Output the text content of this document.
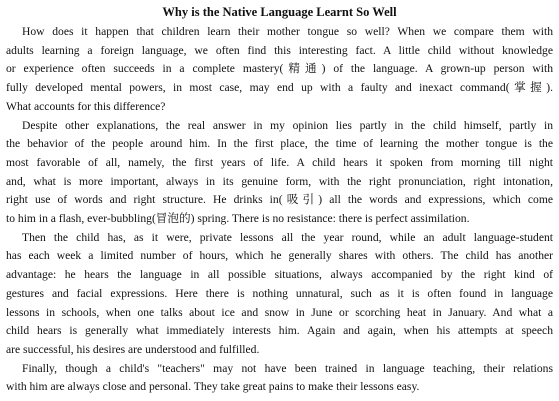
Why is the Native Language Learnt So Well
How does it happen that children learn their mother tongue so well? When we compare them with
adults learning a foreign language, we often find this interesting fact. A little child without knowledge
or experience often succeeds in a complete mastery(精通) of the language. A grown-up person with
fully developed mental powers, in most case, may end up with a faulty and inexact command(掌握).
What accounts for this difference?
Despite other explanations, the real answer in my opinion lies partly in the child himself, partly in
the behavior of the people around him. In the first place, the time of learning the mother tongue is the
most favorable of all, namely, the first years of life. A child hears it spoken from morning till night
and, what is more important, always in its genuine form, with the right pronunciation, right intonation,
right use of words and right structure. He drinks in(吸引) all the words and expressions, which come
to him in a flash, ever-bubbling(冒泡的) spring. There is no resistance: there is perfect assimilation.
Then the child has, as it were, private lessons all the year round, while an adult language-student
has each week a limited number of hours, which he generally shares with others. The child has another
advantage: he hears the language in all possible situations, always accompanied by the right kind of
gestures and facial expressions. Here there is nothing unnatural, such as it is often found in language
lessons in schools, when one talks about ice and snow in June or scorching heat in January. And what a
child hears is generally what immediately interests him. Again and again, when his attempts at speech
are successful, his desires are understood and fulfilled.
Finally, though a child's "teachers" may not have been trained in language teaching, their relations
with him are always close and personal. They take great pains to make their lessons easy.
